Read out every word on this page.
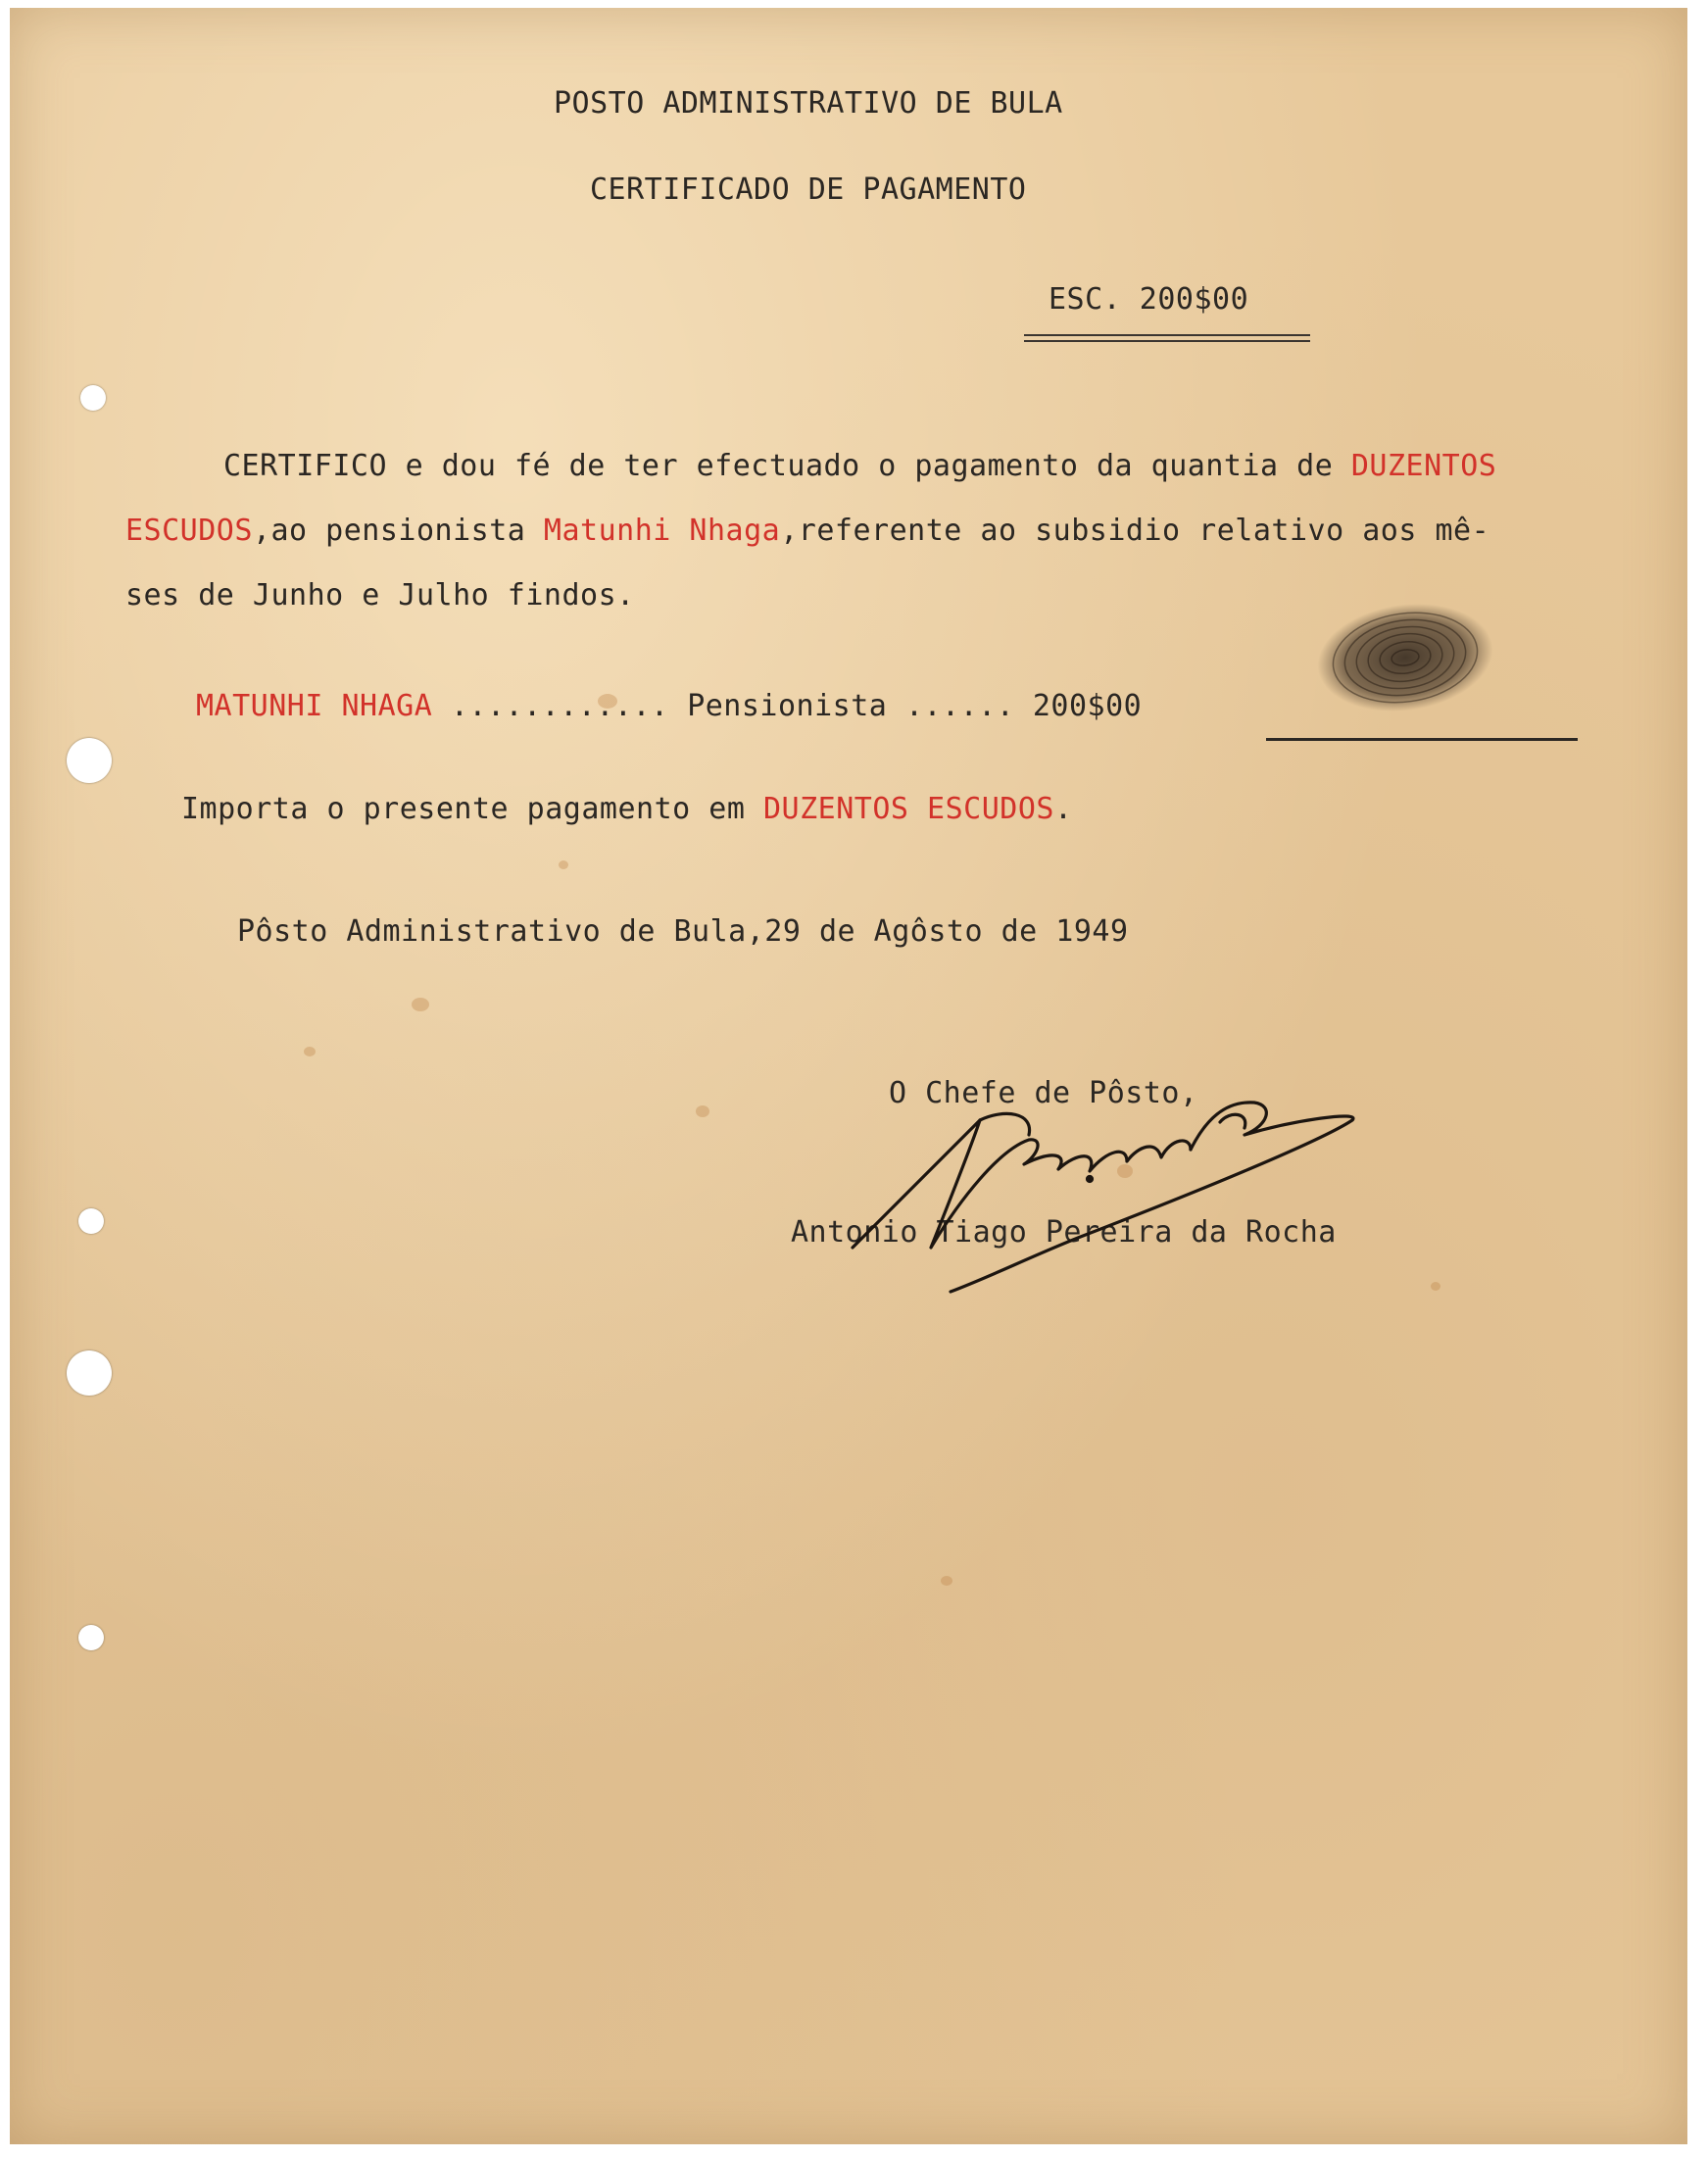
POSTO ADMINISTRATIVO DE BULA
CERTIFICADO DE PAGAMENTO
ESC. 200$00
CERTIFICO e dou fé de ter efectuado o pagamento da quantia de DUZENTOS
ESCUDOS,ao pensionista Matunhi Nhaga,referente ao subsidio relativo aos mê-
ses de Junho e Julho findos.
MATUNHI NHAGA ............ Pensionista ...... 200$00
Importa o presente pagamento em DUZENTOS ESCUDOS.
Pôsto Administrativo de Bula,29 de Agôsto de 1949
O Chefe de Pôsto,
Antonio Tiago Pereira da Rocha
